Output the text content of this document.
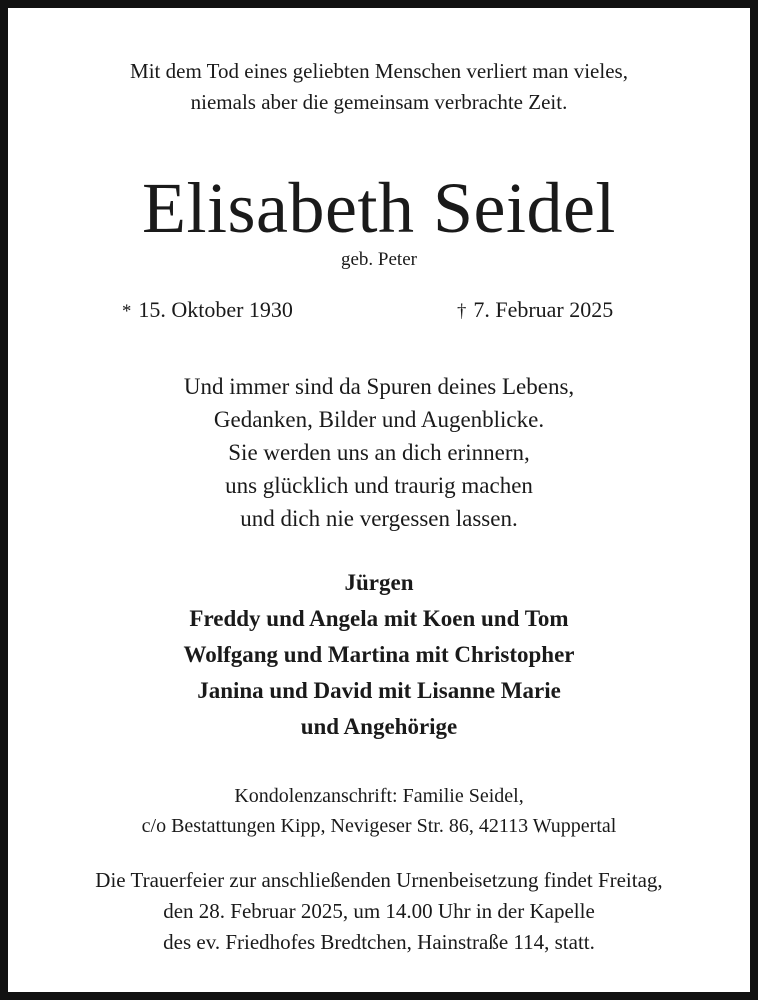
Mit dem Tod eines geliebten Menschen verliert man vieles,
niemals aber die gemeinsam verbrachte Zeit.
Elisabeth Seidel
geb. Peter
* 15. Oktober 1930	† 7. Februar 2025
Und immer sind da Spuren deines Lebens,
Gedanken, Bilder und Augenblicke.
Sie werden uns an dich erinnern,
uns glücklich und traurig machen
und dich nie vergessen lassen.
Jürgen
Freddy und Angela mit Koen und Tom
Wolfgang und Martina mit Christopher
Janina und David mit Lisanne Marie
und Angehörige
Kondolenzanschrift: Familie Seidel,
c/o Bestattungen Kipp, Nevigeser Str. 86, 42113 Wuppertal
Die Trauerfeier zur anschließenden Urnenbeisetzung findet Freitag,
den 28. Februar 2025, um 14.00 Uhr in der Kapelle
des ev. Friedhofes Bredtchen, Hainstraße 114, statt.
